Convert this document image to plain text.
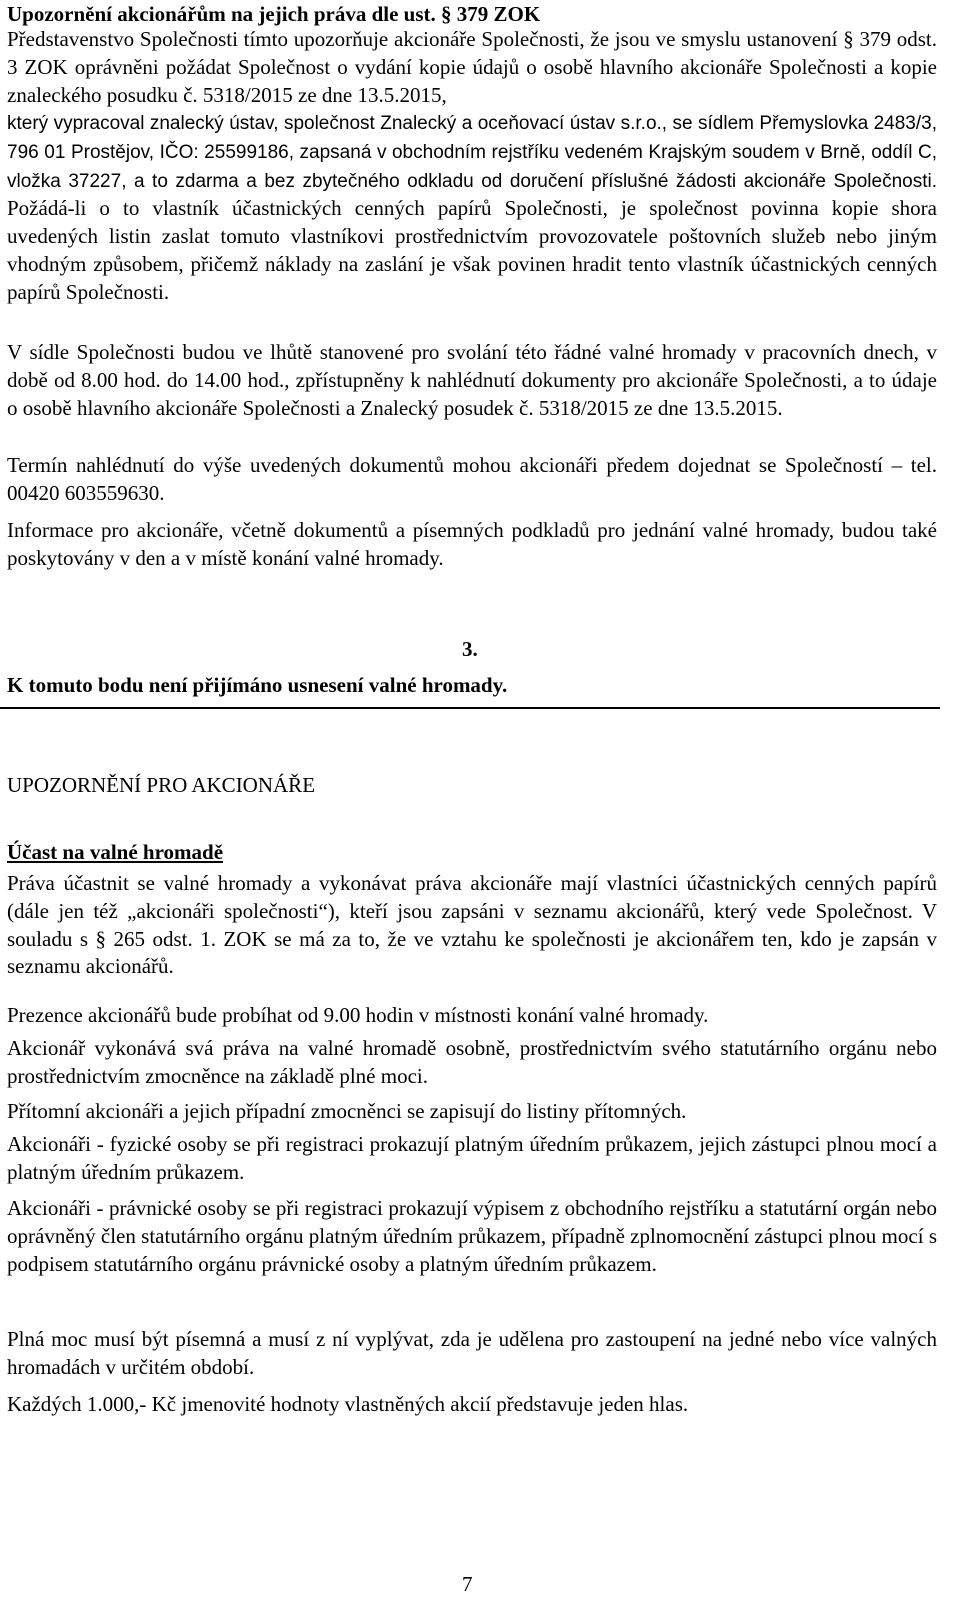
Upozornění akcionářům na jejich práva dle ust. § 379 ZOK

Představenstvo Společnosti tímto upozorňuje akcionáře Společnosti, že jsou ve smyslu ustanovení § 379 odst. 3 ZOK oprávněni požádat Společnost o vydání kopie údajů o osobě hlavního akcionáře Společnosti a kopie znaleckého posudku č. 5318/2015 ze dne 13.5.2015,

který vypracoval znalecký ústav, společnost Znalecký a oceňovací ústav s.r.o., se sídlem Přemyslovka 2483/3, 796 01 Prostějov, IČO: 25599186, zapsaná v obchodním rejstříku vedeném Krajským soudem v Brně, oddíl C, vložka 37227, a to zdarma a bez zbytečného odkladu od doručení příslušné žádosti akcionáře Společnosti. Požádá-li o to vlastník účastnických cenných papírů Společnosti, je společnost povinna kopie shora uvedených listin zaslat tomuto vlastníkovi prostřednictvím provozovatele poštovních služeb nebo jiným vhodným způsobem, přičemž náklady na zaslání je však povinen hradit tento vlastník účastnických cenných papírů Společnosti.

V sídle Společnosti budou ve lhůtě stanovené pro svolání této řádné valné hromady v pracovních dnech, v době od 8.00 hod. do 14.00 hod., zpřístupněny k nahlédnutí dokumenty pro akcionáře Společnosti, a to údaje o osobě hlavního akcionáře Společnosti a Znalecký posudek č. 5318/2015 ze dne 13.5.2015.

Termín nahlédnutí do výše uvedených dokumentů mohou akcionáři předem dojednat se Společností – tel. 00420 603559630.

Informace pro akcionáře, včetně dokumentů a písemných podkladů pro jednání valné hromady, budou také poskytovány v den a v místě konání valné hromady.

3.

K tomuto bodu není přijímáno usnesení valné hromady.

UPOZORNĚNÍ PRO AKCIONÁŘE
Účast na valné hromadě

Práva účastnit se valné hromady a vykonávat práva akcionáře mají vlastníci účastnických cenných papírů (dále jen též „akcionáři společnosti“), kteří jsou zapsáni v seznamu akcionářů, který vede Společnost. V souladu s § 265 odst. 1. ZOK se má za to, že ve vztahu ke společnosti je akcionářem ten, kdo je zapsán v seznamu akcionářů.

Prezence akcionářů bude probíhat od 9.00 hodin v místnosti konání valné hromady.

Akcionář vykonává svá práva na valné hromadě osobně, prostřednictvím svého statutárního orgánu nebo prostřednictvím zmocněnce na základě plné moci.

Přítomní akcionáři a jejich případní zmocněnci se zapisují do listiny přítomných.

Akcionáři - fyzické osoby se při registraci prokazují platným úředním průkazem, jejich zástupci plnou mocí a platným úředním průkazem.

Akcionáři - právnické osoby se při registraci prokazují výpisem z obchodního rejstříku a statutární orgán nebo oprávněný člen statutárního orgánu platným úředním průkazem, případně zplnomocnění zástupci plnou mocí s podpisem statutárního orgánu právnické osoby a platným úředním průkazem.

Plná moc musí být písemná a musí z ní vyplývat, zda je udělena pro zastoupení na jedné nebo více valných hromadách v určitém období.

Každých 1.000,- Kč jmenovité hodnoty vlastněných akcií představuje jeden hlas.

7
